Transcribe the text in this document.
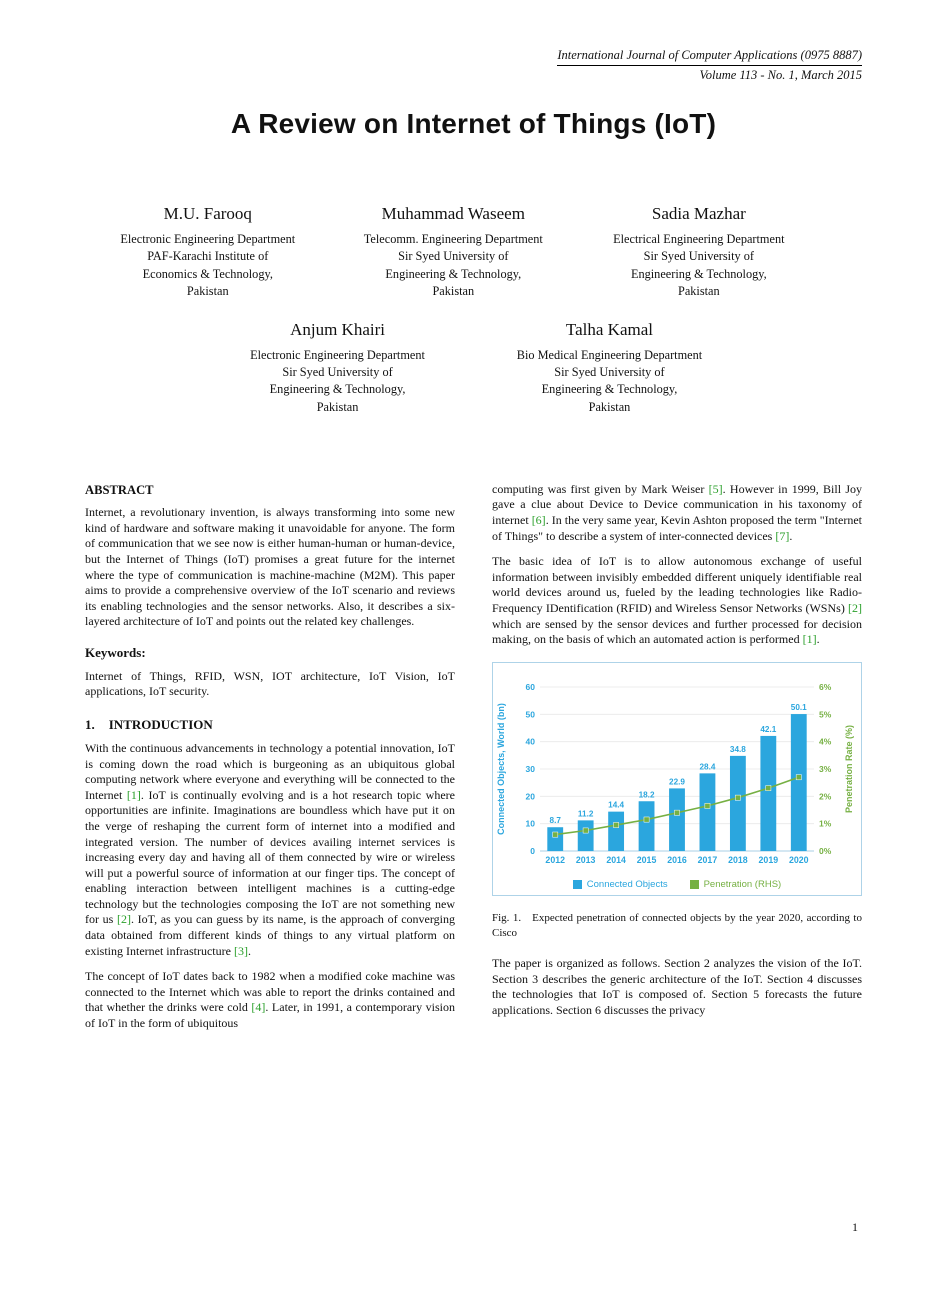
International Journal of Computer Applications (0975 8887)
Volume 113 - No. 1, March 2015
A Review on Internet of Things (IoT)
M.U. Farooq
Electronic Engineering Department
PAF-Karachi Institute of
Economics & Technology,
Pakistan
Muhammad Waseem
Telecomm. Engineering Department
Sir Syed University of
Engineering & Technology,
Pakistan
Sadia Mazhar
Electrical Engineering Department
Sir Syed University of
Engineering & Technology,
Pakistan
Anjum Khairi
Electronic Engineering Department
Sir Syed University of
Engineering & Technology,
Pakistan
Talha Kamal
Bio Medical Engineering Department
Sir Syed University of
Engineering & Technology,
Pakistan
ABSTRACT

Internet, a revolutionary invention, is always transforming into some new kind of hardware and software making it unavoidable for anyone. The form of communication that we see now is either human-human or human-device, but the Internet of Things (IoT) promises a great future for the internet where the type of communication is machine-machine (M2M). This paper aims to provide a comprehensive overview of the IoT scenario and reviews its enabling technologies and the sensor networks. Also, it describes a six-layered architecture of IoT and points out the related key challenges.

Keywords:

Internet of Things, RFID, WSN, IOT architecture, IoT Vision, IoT applications, IoT security.

1. INTRODUCTION

With the continuous advancements in technology a potential innovation, IoT is coming down the road which is burgeoning as an ubiquitous global computing network where everyone and everything will be connected to the Internet [1]. IoT is continually evolving and is a hot research topic where opportunities are infinite. Imaginations are boundless which have put it on the verge of reshaping the current form of internet into a modified and integrated version. The number of devices availing internet services is increasing every day and having all of them connected by wire or wireless will put a powerful source of information at our finger tips. The concept of enabling interaction between intelligent machines is a cutting-edge technology but the technologies composing the IoT are not something new for us [2]. IoT, as you can guess by its name, is the approach of converging data obtained from different kinds of things to any virtual platform on existing Internet infrastructure [3].

The concept of IoT dates back to 1982 when a modified coke machine was connected to the Internet which was able to report the drinks contained and that whether the drinks were cold [4]. Later, in 1991, a contemporary vision of IoT in the form of ubiquitous

computing was first given by Mark Weiser [5]. However in 1999, Bill Joy gave a clue about Device to Device communication in his taxonomy of internet [6]. In the very same year, Kevin Ashton proposed the term "Internet of Things" to describe a system of inter-connected devices [7].

The basic idea of IoT is to allow autonomous exchange of useful information between invisibly embedded different uniquely identifiable real world devices around us, fueled by the leading technologies like Radio-Frequency IDentification (RFID) and Wireless Sensor Networks (WSNs) [2] which are sensed by the sensor devices and further processed for decision making, on the basis of which an automated action is performed [1].

0
10
20
30
40
50
60
0%
1%
2%
3%
4%
5%
6%
8.7
2012
11.2
2013
14.4
2014
18.2
2015
22.9
2016
28.4
2017
34.8
2018
42.1
2019
50.1
2020
Connected Objects, World (bn)	Penetration Rate (%)
Connected Objects	Penetration (RHS)
Fig. 1. Expected penetration of connected objects by the year 2020, according to Cisco

The paper is organized as follows. Section 2 analyzes the vision of the IoT. Section 3 describes the generic architecture of the IoT. Section 4 discusses the technologies that IoT is composed of. Section 5 forecasts the future applications. Section 6 discusses the privacy

1
